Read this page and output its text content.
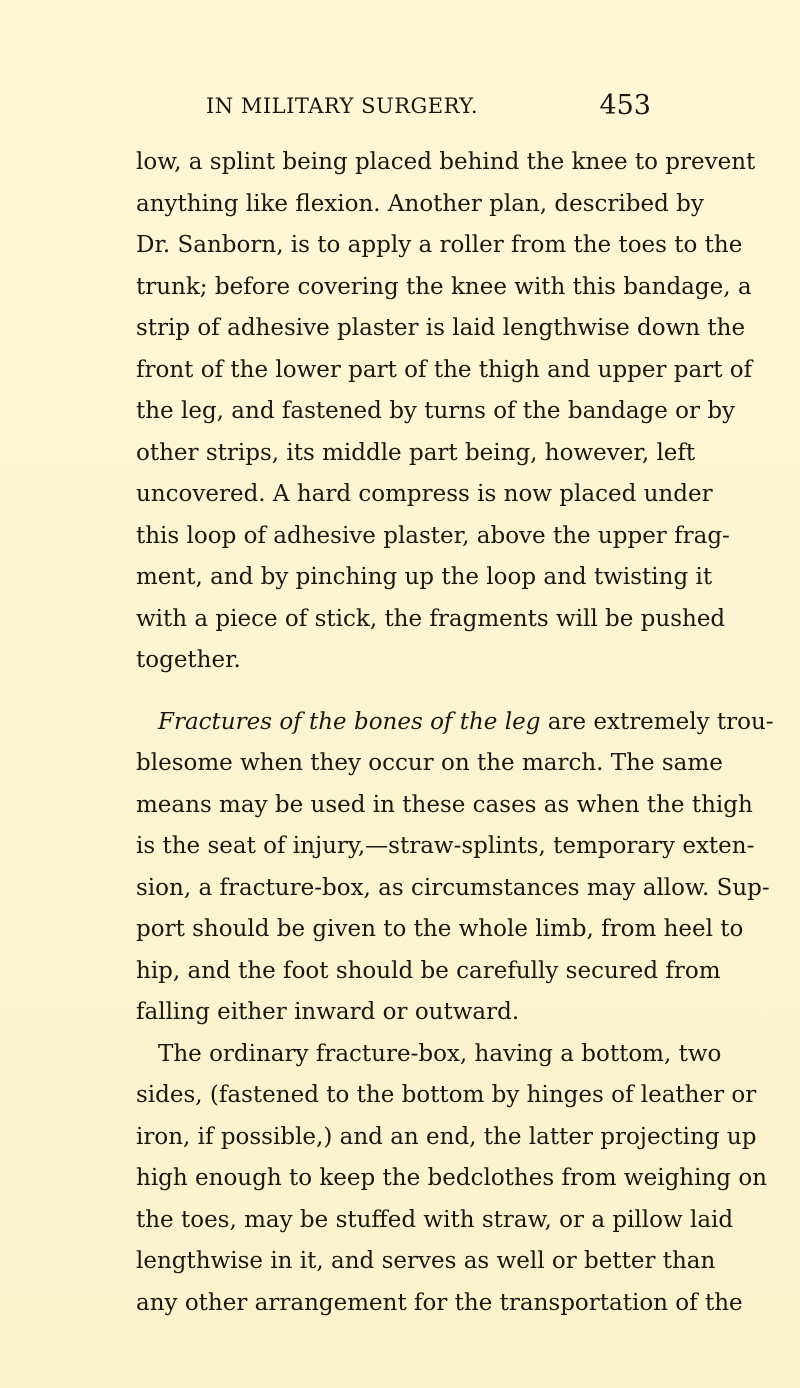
IN MILITARY SURGERY.	453
low, a splint being placed behind the knee to prevent
anything like flexion. Another plan, described by
Dr. Sanborn, is to apply a roller from the toes to the
trunk; before covering the knee with this bandage, a
strip of adhesive plaster is laid lengthwise down the
front of the lower part of the thigh and upper part of
the leg, and fastened by turns of the bandage or by
other strips, its middle part being, however, left
uncovered. A hard compress is now placed under
this loop of adhesive plaster, above the upper frag-
ment, and by pinching up the loop and twisting it
with a piece of stick, the fragments will be pushed
together.
Fractures of the bones of the leg are extremely trou-
blesome when they occur on the march. The same
means may be used in these cases as when the thigh
is the seat of injury,—straw-splints, temporary exten-
sion, a fracture-box, as circumstances may allow. Sup-
port should be given to the whole limb, from heel to
hip, and the foot should be carefully secured from
falling either inward or outward.
The ordinary fracture-box, having a bottom, two
sides, (fastened to the bottom by hinges of leather or
iron, if possible,) and an end, the latter projecting up
high enough to keep the bedclothes from weighing on
the toes, may be stuffed with straw, or a pillow laid
lengthwise in it, and serves as well or better than
any other arrangement for the transportation of the
